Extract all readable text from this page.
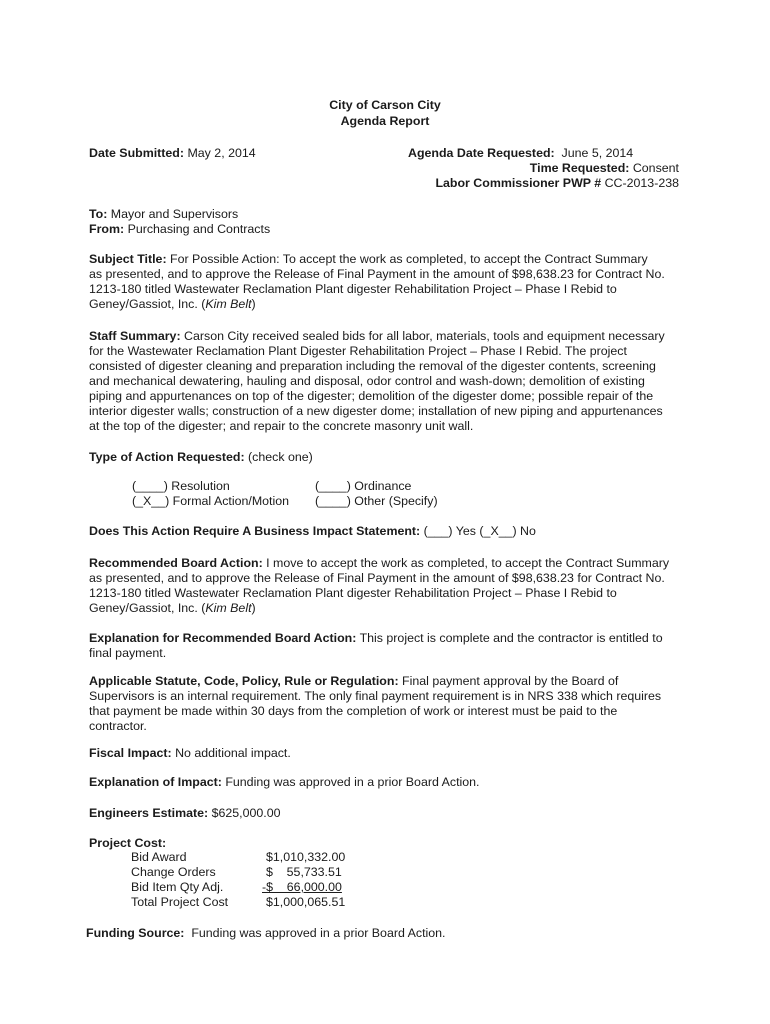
City of Carson City
Agenda Report
Date Submitted: May 2, 2014	Agenda Date Requested: June 5, 2014
Time Requested: Consent
Labor Commissioner PWP # CC-2013-238
To: Mayor and Supervisors
From: Purchasing and Contracts
Subject Title: For Possible Action: To accept the work as completed, to accept the Contract Summary
as presented, and to approve the Release of Final Payment in the amount of $98,638.23 for Contract No.
1213-180 titled Wastewater Reclamation Plant digester Rehabilitation Project – Phase I Rebid to
Geney/Gassiot, Inc. (Kim Belt)
Staff Summary: Carson City received sealed bids for all labor, materials, tools and equipment necessary
for the Wastewater Reclamation Plant Digester Rehabilitation Project – Phase I Rebid. The project
consisted of digester cleaning and preparation including the removal of the digester contents, screening
and mechanical dewatering, hauling and disposal, odor control and wash-down; demolition of existing
piping and appurtenances on top of the digester; demolition of the digester dome; possible repair of the
interior digester walls; construction of a new digester dome; installation of new piping and appurtenances
at the top of the digester; and repair to the concrete masonry unit wall.
Type of Action Requested: (check one)
(____) Resolution	(____) Ordinance
(_X__) Formal Action/Motion (____) Other (Specify)
Does This Action Require A Business Impact Statement: (___) Yes (_X__) No
Recommended Board Action: I move to accept the work as completed, to accept the Contract Summary
as presented, and to approve the Release of Final Payment in the amount of $98,638.23 for Contract No.
1213-180 titled Wastewater Reclamation Plant digester Rehabilitation Project – Phase I Rebid to
Geney/Gassiot, Inc. (Kim Belt)
Explanation for Recommended Board Action: This project is complete and the contractor is entitled to
final payment.
Applicable Statute, Code, Policy, Rule or Regulation: Final payment approval by the Board of
Supervisors is an internal requirement. The only final payment requirement is in NRS 338 which requires
that payment be made within 30 days from the completion of work or interest must be paid to the
contractor.
Fiscal Impact: No additional impact.
Explanation of Impact: Funding was approved in a prior Board Action.
Engineers Estimate: $625,000.00
Project Cost:
Bid Award	$1,010,332.00
Change Orders	$    55,733.51
Bid Item Qty Adj.	-$    66,000.00
Total Project Cost	$1,000,065.51
Funding Source: Funding was approved in a prior Board Action.
